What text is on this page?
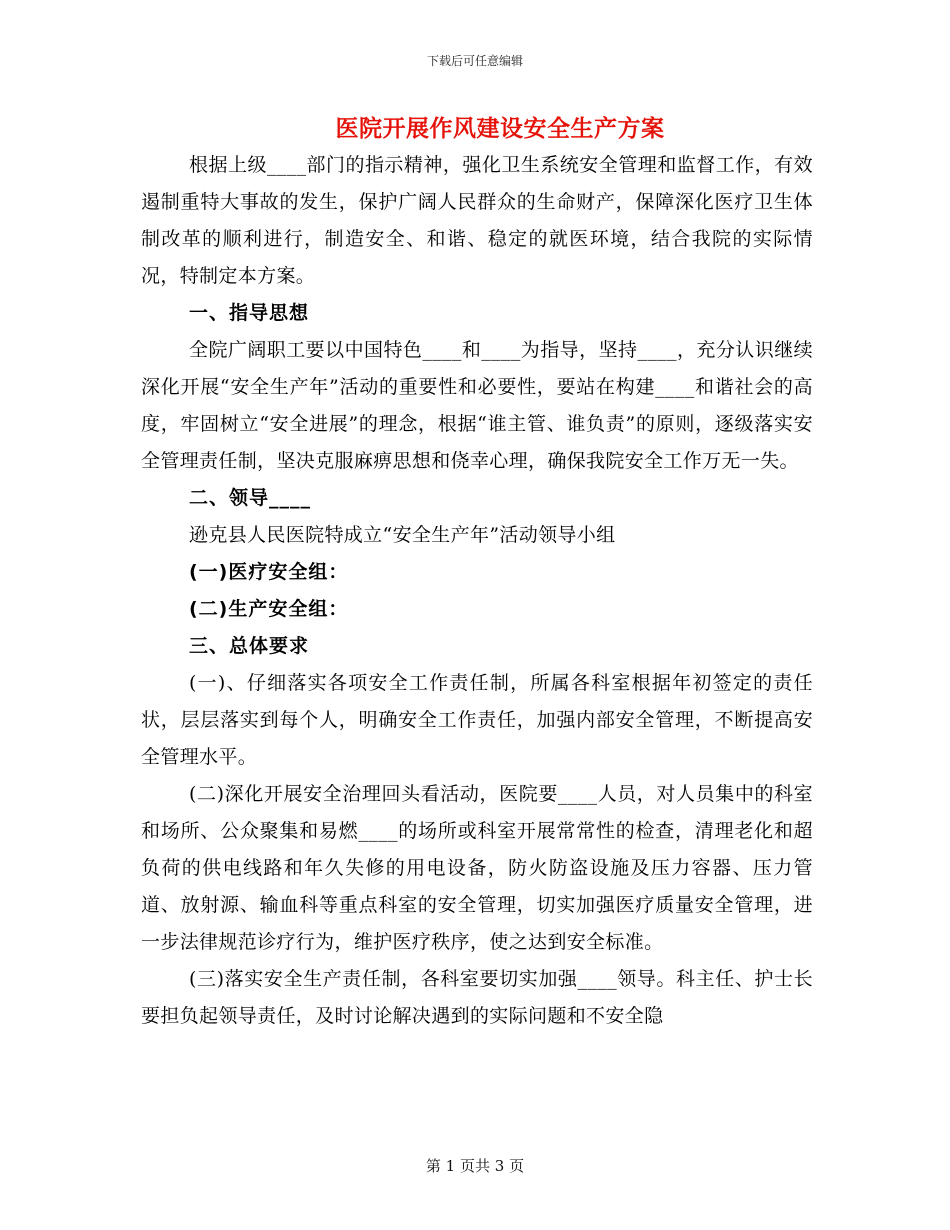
下载后可任意编辑
医院开展作风建设安全生产方案

根据上级____部门的指示精神，强化卫生系统安全管理和监督工作，有效遏制重特大事故的发生，保护广阔人民群众的生命财产，保障深化医疗卫生体制改革的顺利进行，制造安全、和谐、稳定的就医环境，结合我院的实际情况，特制定本方案。

一、指导思想

全院广阔职工要以中国特色____和____为指导，坚持____，充分认识继续深化开展“安全生产年”活动的重要性和必要性，要站在构建____和谐社会的高度，牢固树立“安全进展”的理念，根据“谁主管、谁负责”的原则，逐级落实安全管理责任制，坚决克服麻痹思想和侥幸心理，确保我院安全工作万无一失。

二、领导____

逊克县人民医院特成立“安全生产年”活动领导小组

(一)医疗安全组：

(二)生产安全组：

三、总体要求

(一)、仔细落实各项安全工作责任制，所属各科室根据年初签定的责任状，层层落实到每个人，明确安全工作责任，加强内部安全管理，不断提高安全管理水平。

(二)深化开展安全治理回头看活动，医院要____人员，对人员集中的科室和场所、公众聚集和易燃____的场所或科室开展常常性的检查，清理老化和超负荷的供电线路和年久失修的用电设备，防火防盗设施及压力容器、压力管道、放射源、输血科等重点科室的安全管理，切实加强医疗质量安全管理，进一步法律规范诊疗行为，维护医疗秩序，使之达到安全标准。

(三)落实安全生产责任制，各科室要切实加强____领导。科主任、护士长要担负起领导责任，及时讨论解决遇到的实际问题和不安全隐

第 1 页共 3 页
